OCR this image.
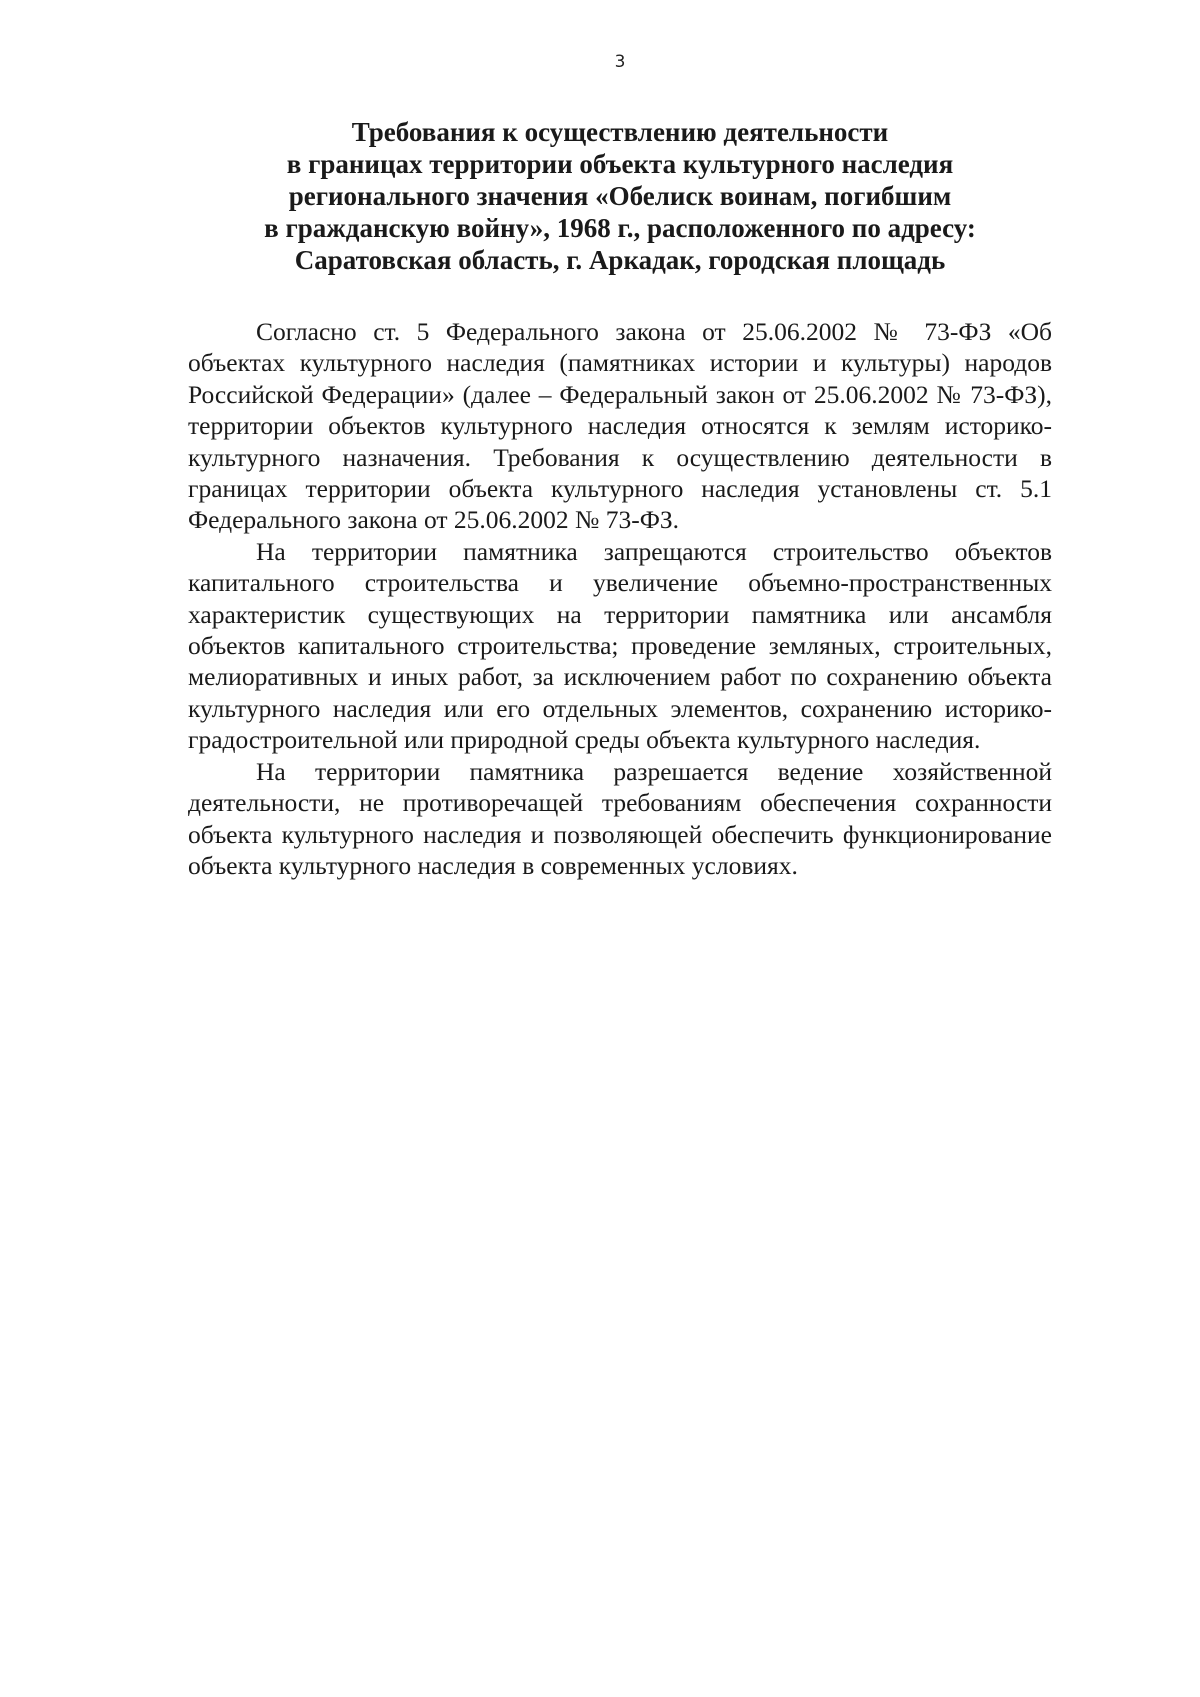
3
Требования к осуществлению деятельности
в границах территории объекта культурного наследия
регионального значения «Обелиск воинам, погибшим
в гражданскую войну», 1968 г., расположенного по адресу:
Саратовская область, г. Аркадак, городская площадь

Согласно ст. 5 Федерального закона от 25.06.2002 № 73-ФЗ «Об объектах культурного наследия (памятниках истории и культуры) народов Российской Федерации» (далее – Федеральный закон от 25.06.2002 № 73-ФЗ), территории объектов культурного наследия относятся к землям историко-культурного назначения. Требования к осуществлению деятельности в границах территории объекта культурного наследия установлены ст. 5.1 Федерального закона от 25.06.2002 № 73-ФЗ.

На территории памятника запрещаются строительство объектов капитального строительства и увеличение объемно-пространственных характеристик существующих на территории памятника или ансамбля объектов капитального строительства; проведение земляных, строительных, мелиоративных и иных работ, за исключением работ по сохранению объекта культурного наследия или его отдельных элементов, сохранению историко-градостроительной или природной среды объекта культурного наследия.

На территории памятника разрешается ведение хозяйственной деятельности, не противоречащей требованиям обеспечения сохранности объекта культурного наследия и позволяющей обеспечить функционирование объекта культурного наследия в современных условиях.
